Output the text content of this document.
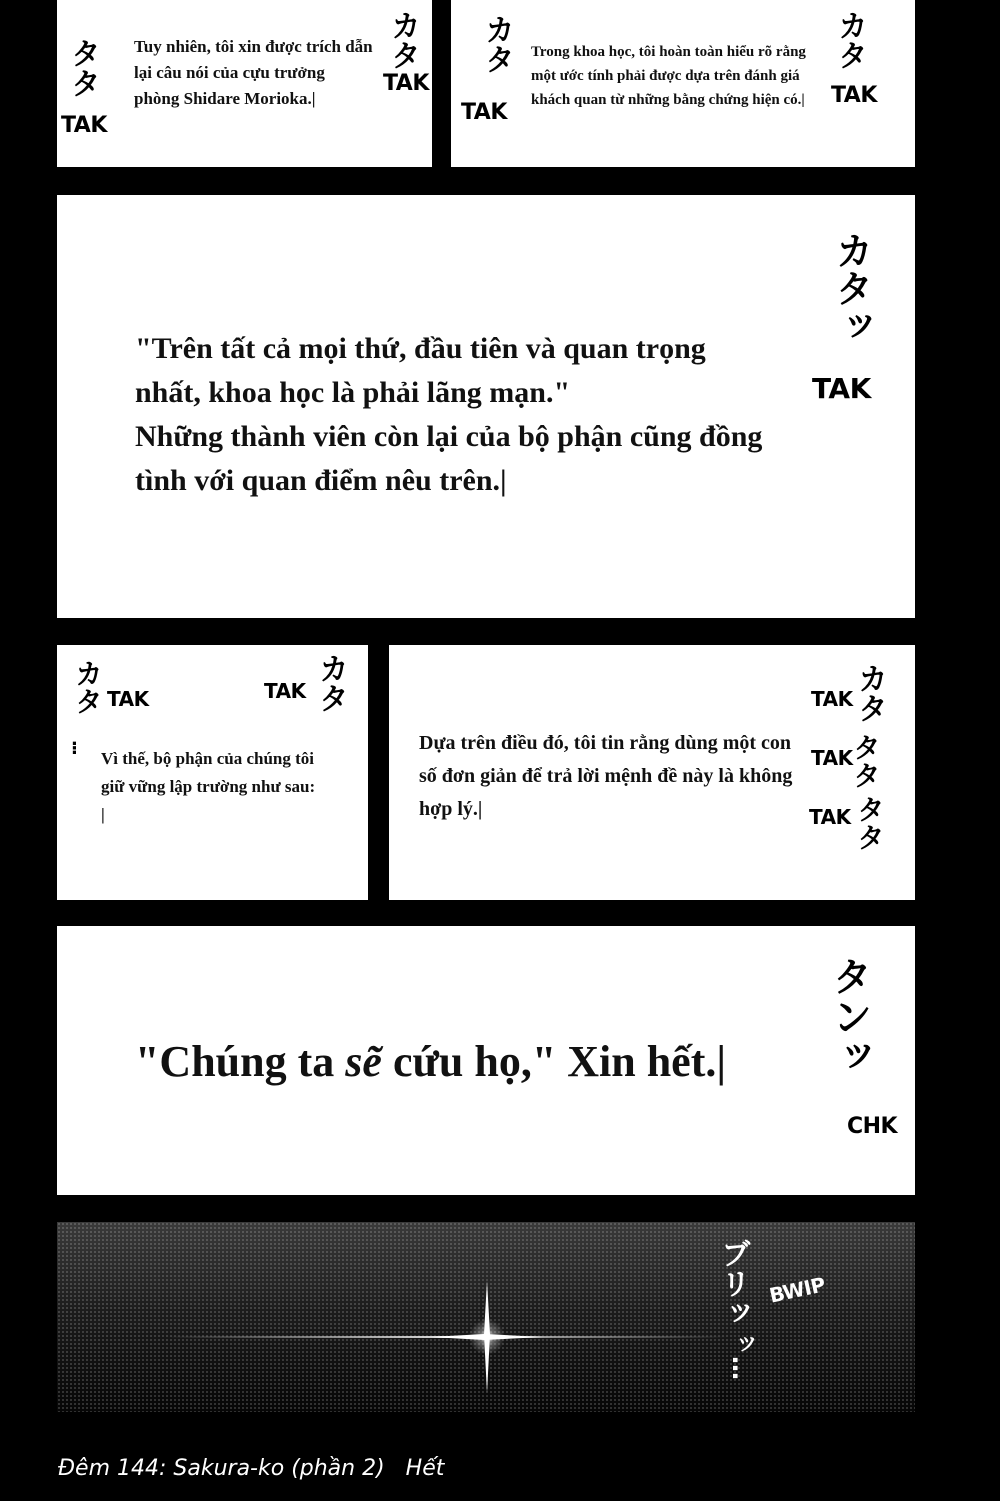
タタ
TAK
Tuy nhiên, tôi xin được trích dẫn lại câu nói của cựu trưởng phòng Shidare Morioka.|
カタ
TAK
カタ
TAK
Trong khoa học, tôi hoàn toàn hiểu rõ rằng một ước tính phải được dựa trên đánh giá khách quan từ những bằng chứng hiện có.|
カタ
TAK
"Trên tất cả mọi thứ, đầu tiên và quan trọng nhất, khoa học là phải lãng mạn."
Những thành viên còn lại của bộ phận cũng đồng tình với quan điểm nêu trên.|
カタッ
TAK
カタ TAK
⁝ Vì thế, bộ phận của chúng tôi giữ vững lập trường như sau: |
TAK カタ
Dựa trên điều đó, tôi tin rằng dùng một con số đơn giản để trả lời mệnh đề này là không hợp lý.|
TAK
TAK
TAK
カタ
タタ
タタ
"Chúng ta sẽ cứu họ," Xin hết.| タンッ
CHK
ブリッ
ッ…
BWIP
Đêm 144: Sakura-ko (phần 2)   Hết
